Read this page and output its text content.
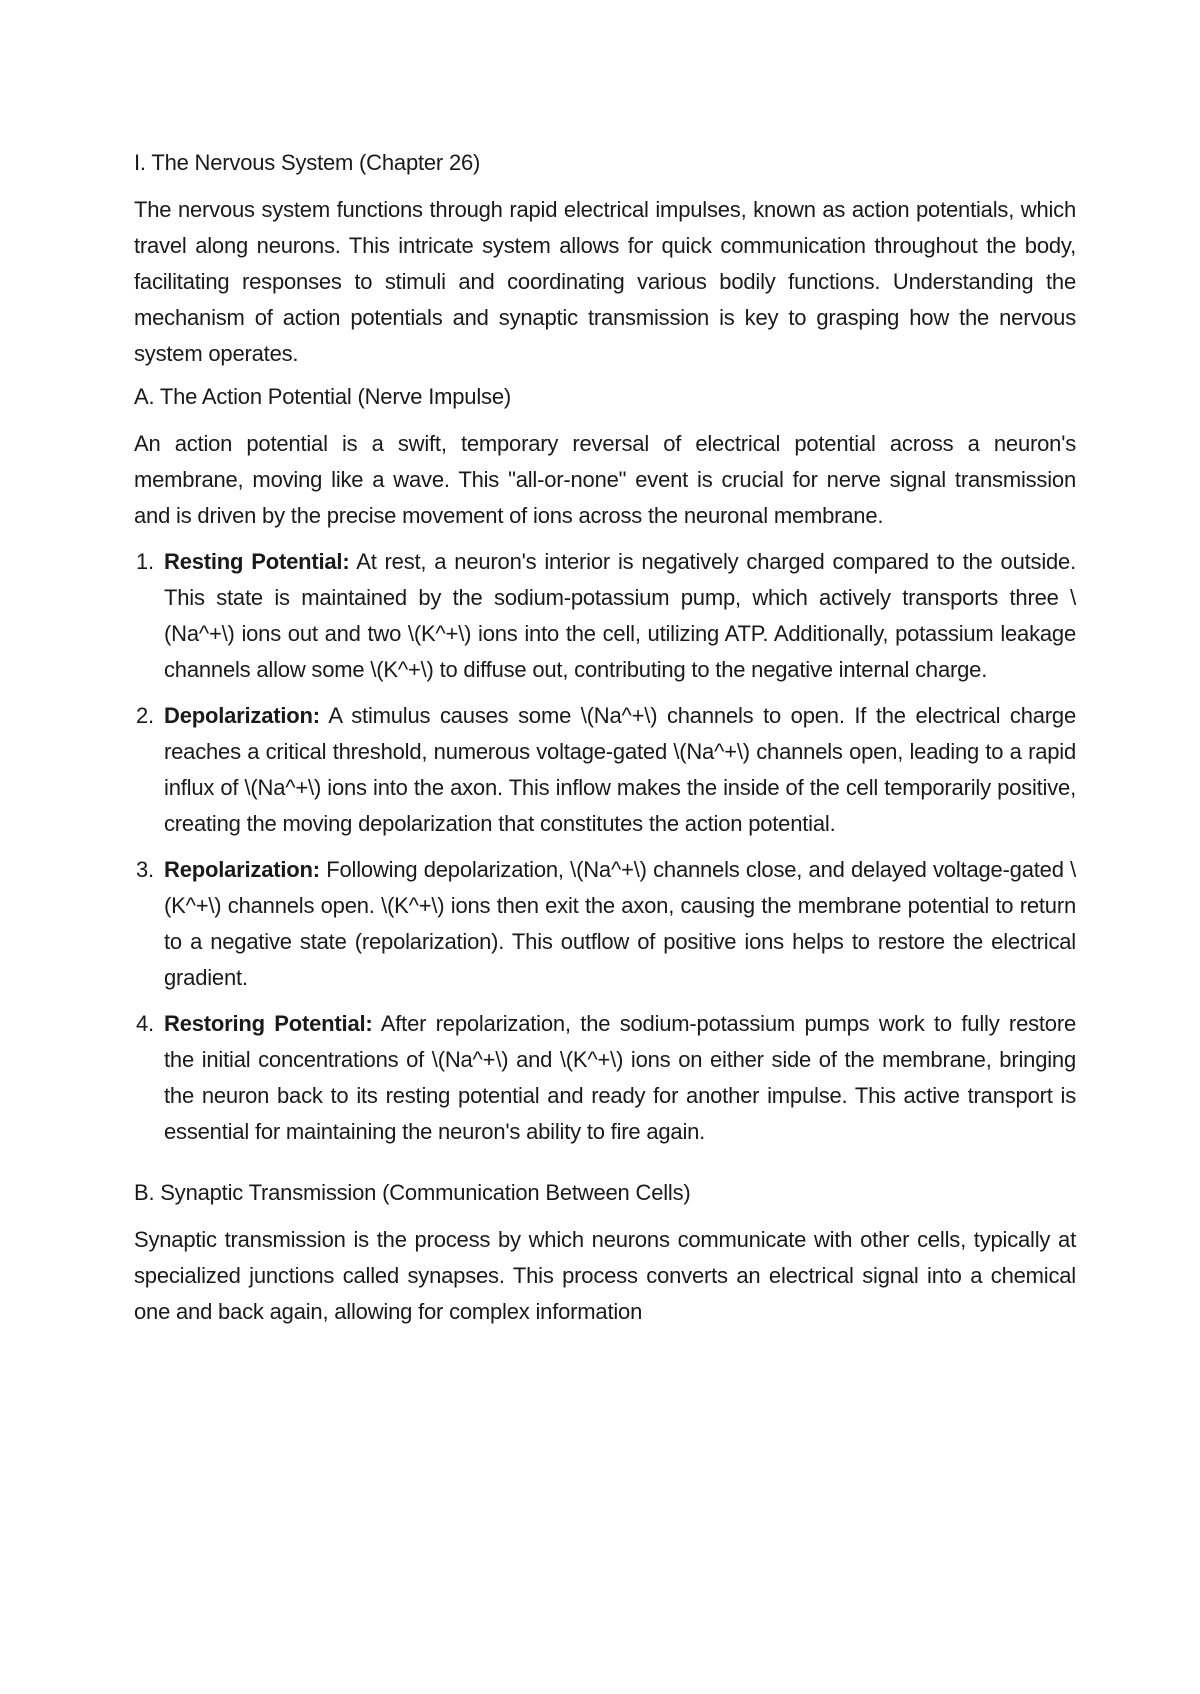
I. The Nervous System (Chapter 26)

The nervous system functions through rapid electrical impulses, known as action potentials, which travel along neurons. This intricate system allows for quick communication throughout the body, facilitating responses to stimuli and coordinating various bodily functions. Understanding the mechanism of action potentials and synaptic transmission is key to grasping how the nervous system operates.

A. The Action Potential (Nerve Impulse)

An action potential is a swift, temporary reversal of electrical potential across a neuron's membrane, moving like a wave. This "all-or-none" event is crucial for nerve signal transmission and is driven by the precise movement of ions across the neuronal membrane.

1. Resting Potential: At rest, a neuron's interior is negatively charged compared to the outside. This state is maintained by the sodium-potassium pump, which actively transports three \(Na^+\) ions out and two \(K^+\) ions into the cell, utilizing ATP. Additionally, potassium leakage channels allow some \(K^+\) to diffuse out, contributing to the negative internal charge.
2. Depolarization: A stimulus causes some \(Na^+\) channels to open. If the electrical charge reaches a critical threshold, numerous voltage-gated \(Na^+\) channels open, leading to a rapid influx of \(Na^+\) ions into the axon. This inflow makes the inside of the cell temporarily positive, creating the moving depolarization that constitutes the action potential.
3. Repolarization: Following depolarization, \(Na^+\) channels close, and delayed voltage-gated \(K^+\) channels open. \(K^+\) ions then exit the axon, causing the membrane potential to return to a negative state (repolarization). This outflow of positive ions helps to restore the electrical gradient.
4. Restoring Potential: After repolarization, the sodium-potassium pumps work to fully restore the initial concentrations of \(Na^+\) and \(K^+\) ions on either side of the membrane, bringing the neuron back to its resting potential and ready for another impulse. This active transport is essential for maintaining the neuron's ability to fire again.
B. Synaptic Transmission (Communication Between Cells)

Synaptic transmission is the process by which neurons communicate with other cells, typically at specialized junctions called synapses. This process converts an electrical signal into a chemical one and back again, allowing for complex information
